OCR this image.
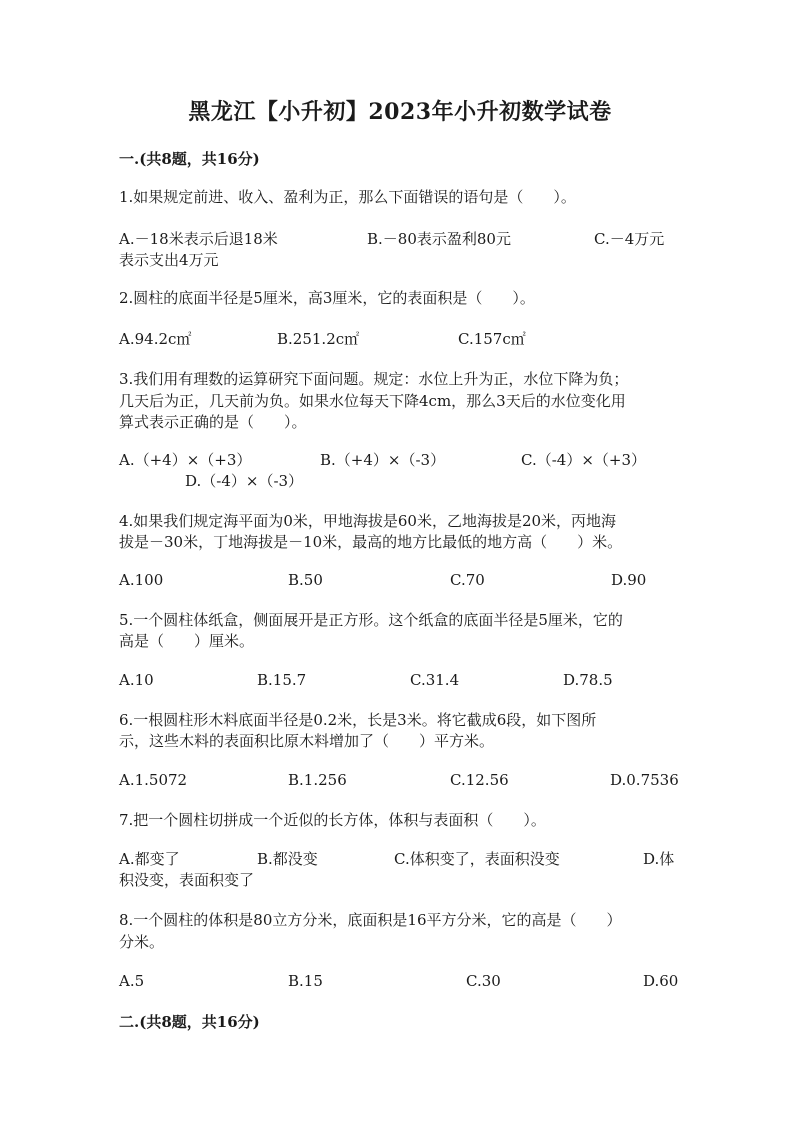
黑龙江【小升初】2023年小升初数学试卷
一.(共8题，共16分)
1.如果规定前进、收入、盈利为正，那么下面错误的语句是（　　）。
A.－18米表示后退18米	B.－80表示盈利80元	C.－4万元
表示支出4万元
2.圆柱的底面半径是5厘米，高3厘米，它的表面积是（　　）。
A.94.2c㎡	B.251.2c㎡	C.157c㎡
3.我们用有理数的运算研究下面问题。规定：水位上升为正，水位下降为负；
几天后为正，几天前为负。如果水位每天下降4cm，那么3天后的水位变化用
算式表示正确的是（　　）。
A.（+4）×（+3）	B.（+4）×（-3）	C.（-4）×（+3）
D.（-4）×（-3）
4.如果我们规定海平面为0米，甲地海拔是60米，乙地海拔是20米，丙地海
拔是－30米，丁地海拔是－10米，最高的地方比最低的地方高（　　）米。
A.100	B.50	C.70	D.90
5.一个圆柱体纸盒，侧面展开是正方形。这个纸盒的底面半径是5厘米，它的
高是（　　）厘米。
A.10	B.15.7	C.31.4	D.78.5
6.一根圆柱形木料底面半径是0.2米，长是3米。将它截成6段，如下图所
示，这些木料的表面积比原木料增加了（　　）平方米。
A.1.5072	B.1.256	C.12.56	D.0.7536
7.把一个圆柱切拼成一个近似的长方体，体积与表面积（　　）。
A.都变了	B.都没变	C.体积变了，表面积没变	D.体
积没变，表面积变了
8.一个圆柱的体积是80立方分米，底面积是16平方分米，它的高是（　　）
分米。
A.5	B.15	C.30	D.60
二.(共8题，共16分)
